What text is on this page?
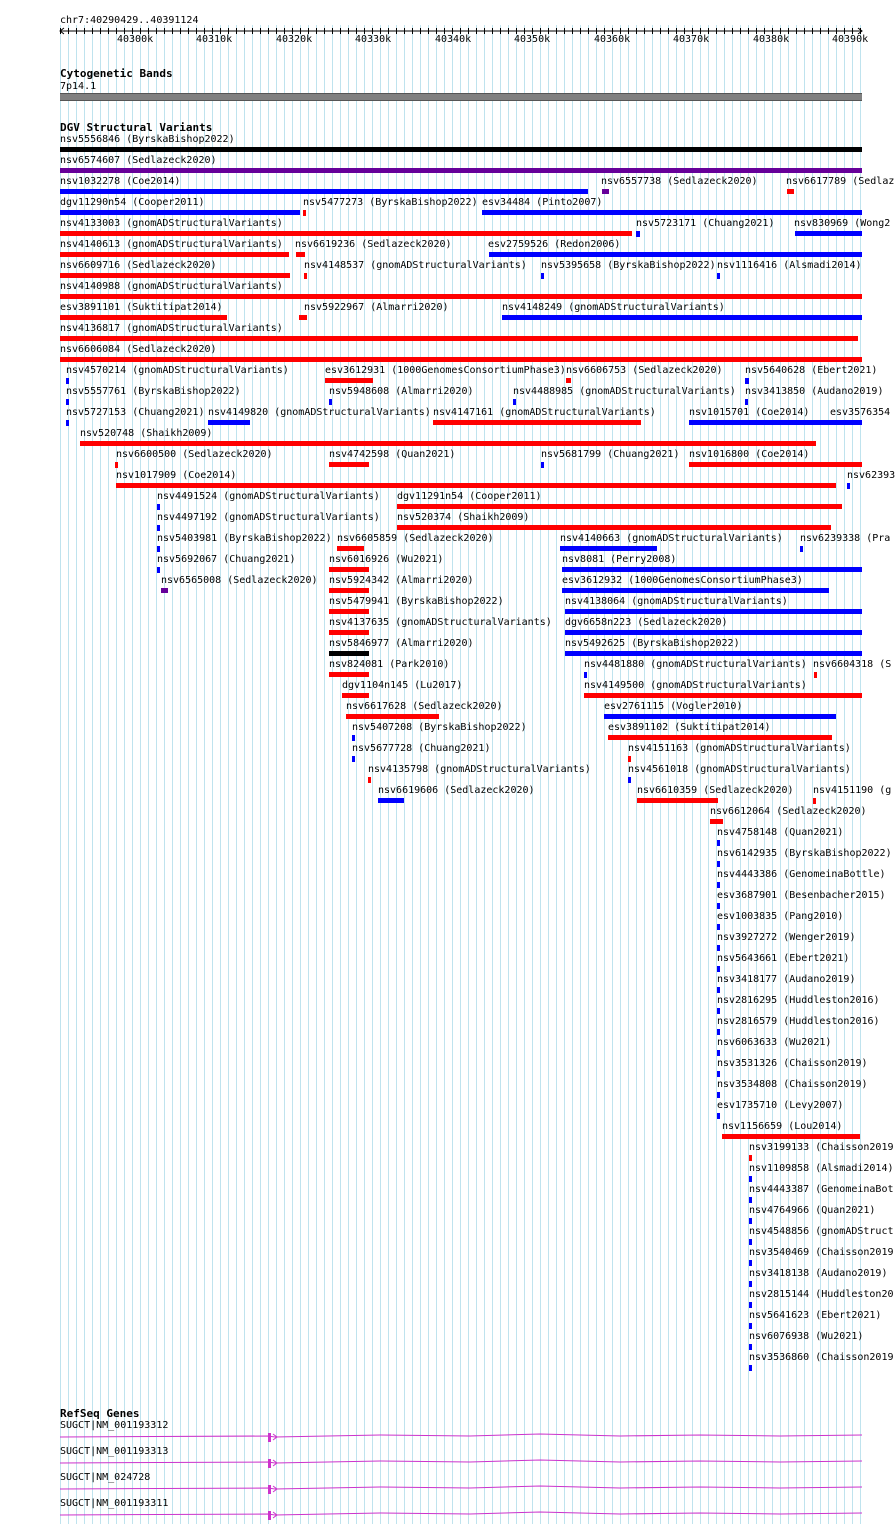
chr7:40290429..40391124
40300k	40310k	40320k	40330k	40340k	40350k	40360k	40370k	40380k	40390k
Cytogenetic Bands
7p14.1
DGV Structural Variants
nsv5556846 (ByrskaBishop2022)
nsv6574607 (Sedlazeck2020)
nsv1032278 (Coe2014)	nsv6557738 (Sedlazeck2020)	nsv6617789 (Sedlaz
dgv11290n54 (Cooper2011)	nsv5477273 (ByrskaBishop2022) esv34484 (Pinto2007)
nsv4133003 (gnomADStructuralVariants)	nsv5723171 (Chuang2021) nsv830969 (Wong2
nsv4140613 (gnomADStructuralVariants) nsv6619236 (Sedlazeck2020)	esv2759526 (Redon2006)
nsv6609716 (Sedlazeck2020)	nsv4148537 (gnomADStructuralVariants) nsv5395658 (ByrskaBishop2022) nsv1116416 (Alsmadi2014)
nsv4140988 (gnomADStructuralVariants)
esv3891101 (Suktitipat2014)	nsv5922967 (Almarri2020)	nsv4148249 (gnomADStructuralVariants)
nsv4136817 (gnomADStructuralVariants)
nsv6606084 (Sedlazeck2020)
nsv4570214 (gnomADStructuralVariants)	esv3612931 (1000GenomesConsortiumPhase3) nsv6606753 (Sedlazeck2020) nsv5640628 (Ebert2021)
nsv5557761 (ByrskaBishop2022)	nsv5948608 (Almarri2020)	nsv4488985 (gnomADStructuralVariants) nsv3413850 (Audano2019)
nsv5727153 (Chuang2021) nsv4149820 (gnomADStructuralVariants) nsv4147161 (gnomADStructuralVariants)	nsv1015701 (Coe2014) esv3576354
nsv520748 (Shaikh2009)
nsv6600500 (Sedlazeck2020)	nsv4742598 (Quan2021)	nsv5681799 (Chuang2021) nsv1016800 (Coe2014)
nsv1017909 (Coe2014)	nsv62393
nsv4491524 (gnomADStructuralVariants) dgv11291n54 (Cooper2011)
nsv4497192 (gnomADStructuralVariants) nsv520374 (Shaikh2009)
nsv5403981 (ByrskaBishop2022) nsv6605859 (Sedlazeck2020)	nsv4140663 (gnomADStructuralVariants) nsv6239338 (Pra
nsv5692067 (Chuang2021)	nsv6016926 (Wu2021)	nsv8081 (Perry2008)
nsv6565008 (Sedlazeck2020) nsv5924342 (Almarri2020)	esv3612932 (1000GenomesConsortiumPhase3)
nsv5479941 (ByrskaBishop2022)	nsv4138064 (gnomADStructuralVariants)
nsv4137635 (gnomADStructuralVariants) dgv6658n223 (Sedlazeck2020)
nsv5846977 (Almarri2020)	nsv5492625 (ByrskaBishop2022)
nsv824081 (Park2010)	nsv4481880 (gnomADStructuralVariants) nsv6604318 (S
dgv1104n145 (Lu2017)	nsv4149500 (gnomADStructuralVariants)
nsv6617628 (Sedlazeck2020)	esv2761115 (Vogler2010)
nsv5407208 (ByrskaBishop2022)	esv3891102 (Suktitipat2014)
nsv5677728 (Chuang2021)	nsv4151163 (gnomADStructuralVariants)
nsv4135798 (gnomADStructuralVariants)	nsv4561018 (gnomADStructuralVariants)
nsv6619606 (Sedlazeck2020)	nsv6610359 (Sedlazeck2020) nsv4151190 (g
nsv6612064 (Sedlazeck2020)
nsv4758148 (Quan2021)
nsv6142935 (ByrskaBishop2022)
nsv4443386 (GenomeinaBottle)
esv3687901 (Besenbacher2015)
esv1003835 (Pang2010)
nsv3927272 (Wenger2019)
nsv5643661 (Ebert2021)
nsv3418177 (Audano2019)
nsv2816295 (Huddleston2016)
nsv2816579 (Huddleston2016)
nsv6063633 (Wu2021)
nsv3531326 (Chaisson2019)
nsv3534808 (Chaisson2019)
esv1735710 (Levy2007)
nsv1156659 (Lou2014)
nsv3199133 (Chaisson2019
nsv1109858 (Alsmadi2014)
nsv4443387 (GenomeinaBot
nsv4764966 (Quan2021)
nsv4548856 (gnomADStruct
nsv3540469 (Chaisson2019
nsv3418138 (Audano2019)
nsv2815144 (Huddleston20
nsv5641623 (Ebert2021)
nsv6076938 (Wu2021)
nsv3536860 (Chaisson2019
RefSeq Genes
SUGCT|NM_001193312
SUGCT|NM_001193313
SUGCT|NM_024728
SUGCT|NM_001193311
